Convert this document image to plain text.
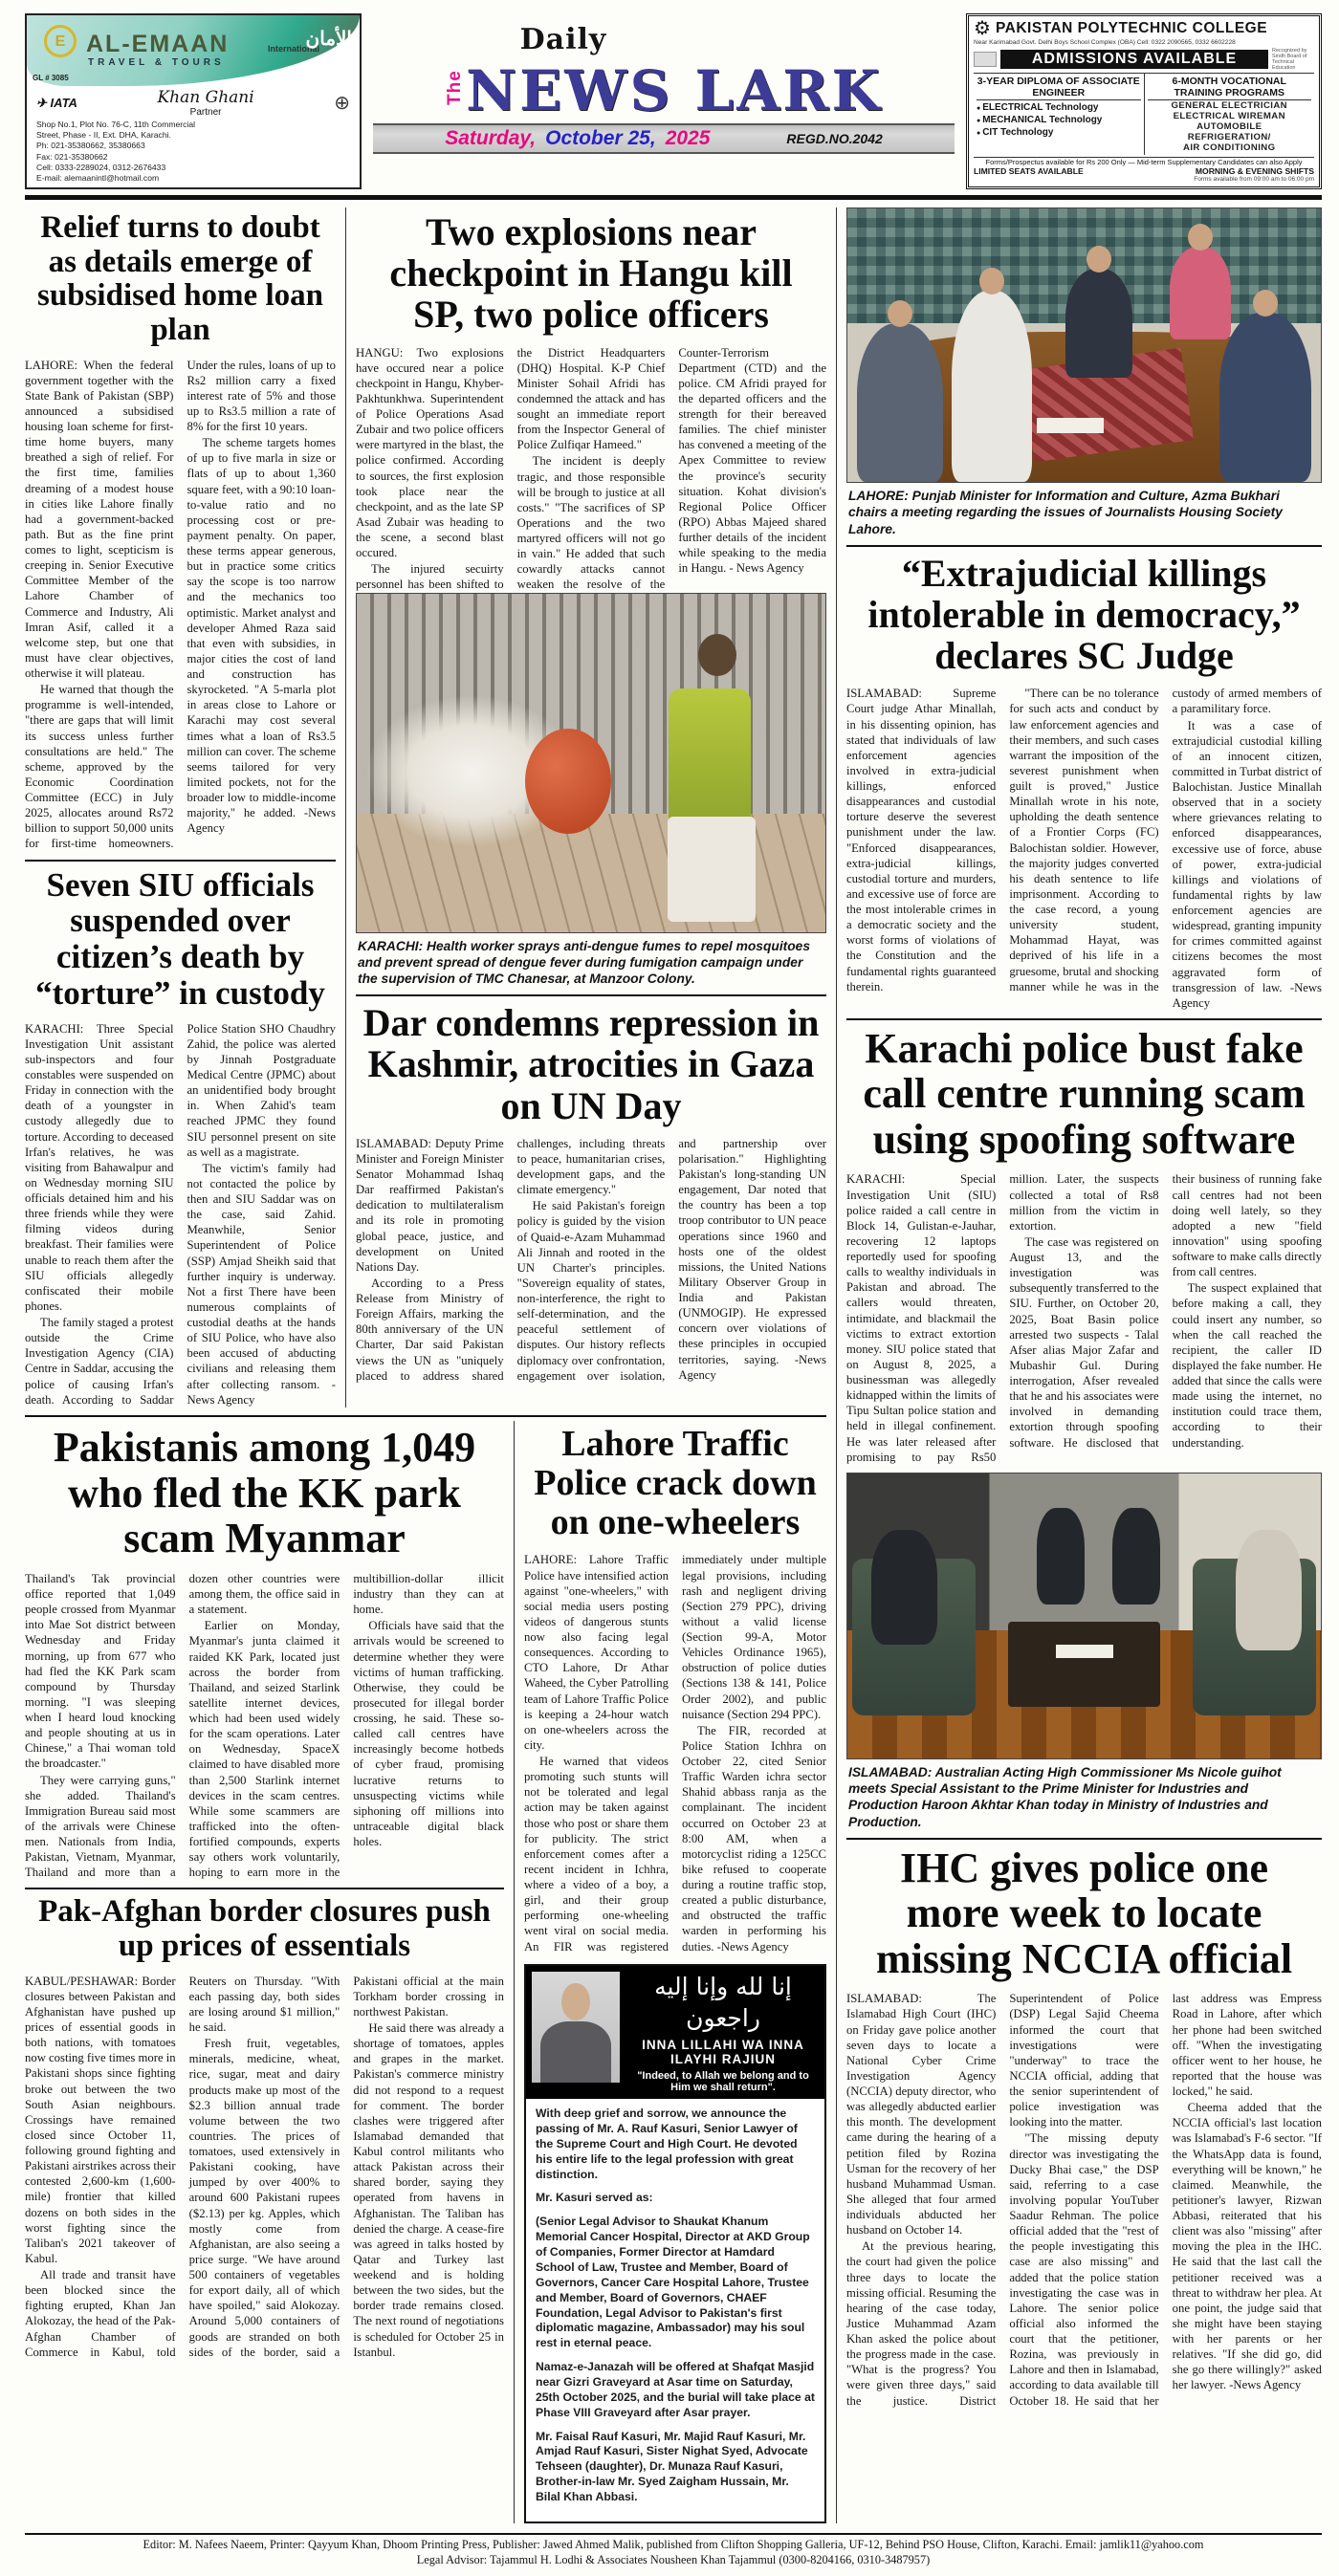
E AL-EMAAN	International
TRAVEL & TOURS
GL # 3085
الأمان
✈ IATA	Khan Ghani
Partner	⊕
Shop No.1, Plot No. 76-C, 11th Commercial
Street, Phase - II, Ext. DHA, Karachi.
Ph: 021-35380662, 35380663
Fax: 021-35380662
Cell: 0333-2289024, 0312-2676433
E-mail: alemaanintl@hotmail.com
Daily
The NEWS LARK
Saturday, October 25, 2025	REGD.NO.2042
⚙ PAKISTAN POLYTECHNIC COLLEGE
Near Karimabad Govt. Delhi Boys School Complex (OBA) Cell: 0322 2090565, 0332 6602228
ADMISSIONS AVAILABLE	Recognized by Sindh Board of Technical Education
3-YEAR DIPLOMA OF ASSOCIATE ENGINEER
● ELECTRICAL Technology
● MECHANICAL Technology
● CIT Technology
6-MONTH VOCATIONAL TRAINING PROGRAMS
GENERAL ELECTRICIAN
ELECTRICAL WIREMAN
AUTOMOBILE
REFRIGERATION/
AIR CONDITIONING
Forms/Prospectus available for Rs 200 Only — Mid-term Supplementary Candidates can also Apply
LIMITED SEATS AVAILABLE	MORNING & EVENING SHIFTS
Forms available from 09:00 am to 06:00 pm
Relief turns to doubt as details emerge of subsidised home loan plan

LAHORE: When the federal government together with the State Bank of Pakistan (SBP) announced a subsidised housing loan scheme for first-time home buyers, many breathed a sigh of relief. For the first time, families dreaming of a modest house in cities like Lahore finally had a government-backed path. But as the fine print comes to light, scepticism is creeping in. Senior Executive Committee Member of the Lahore Chamber of Commerce and Industry, Ali Imran Asif, called it a welcome step, but one that must have clear objectives, otherwise it will plateau.

He warned that though the programme is well-intended, "there are gaps that will limit its success unless further consultations are held." The scheme, approved by the Economic Coordination Committee (ECC) in July 2025, allocates around Rs72 billion to support 50,000 units for first-time homeowners. Under the rules, loans of up to Rs2 million carry a fixed interest rate of 5% and those up to Rs3.5 million a rate of 8% for the first 10 years.

The scheme targets homes of up to five marla in size or flats of up to about 1,360 square feet, with a 90:10 loan-to-value ratio and no processing cost or pre-payment penalty. On paper, these terms appear generous, but in practice some critics say the scope is too narrow and the mechanics too optimistic. Market analyst and developer Ahmed Raza said that even with subsidies, in major cities the cost of land and construction has skyrocketed. "A 5-marla plot in areas close to Lahore or Karachi may cost several times what a loan of Rs3.5 million can cover. The scheme seems tailored for very limited pockets, not for the broader low to middle-income majority," he added. -News Agency

Seven SIU officials suspended over citizen’s death by “torture” in custody

KARACHI: Three Special Investigation Unit assistant sub-inspectors and four constables were suspended on Friday in connection with the death of a youngster in custody allegedly due to torture. According to deceased Irfan's relatives, he was visiting from Bahawalpur and on Wednesday morning SIU officials detained him and his three friends while they were filming videos during breakfast. Their families were unable to reach them after the SIU officials allegedly confiscated their mobile phones.

The family staged a protest outside the Crime Investigation Agency (CIA) Centre in Saddar, accusing the police of causing Irfan's death. According to Saddar Police Station SHO Chaudhry Zahid, the police was alerted by Jinnah Postgraduate Medical Centre (JPMC) about an unidentified body brought in. When Zahid's team reached JPMC they found SIU personnel present on site as well as a magistrate.

The victim's family had not contacted the police by then and SIU Saddar was on the case, said Zahid. Meanwhile, Senior Superintendent of Police (SSP) Amjad Sheikh said that further inquiry is underway. Not a first There have been numerous complaints of custodial deaths at the hands of SIU Police, who have also been accused of abducting civilians and releasing them after collecting ransom. - News Agency

Two explosions near checkpoint in Hangu kill SP, two police officers

HANGU: Two explosions have occured near a police checkpoint in Hangu, Khyber-Pakhtunkhwa. Superintendent of Police Operations Asad Zubair and two police officers were martyred in the blast, the police confirmed. According to sources, the first explosion took place near the checkpoint, and as the late SP Asad Zubair was heading to the scene, a second blast occured.

The injured secuirty personnel has been shifted to the District Headquarters (DHQ) Hospital. K-P Chief Minister Sohail Afridi has condemned the attack and has sought an immediate report from the Inspector General of Police Zulfiqar Hameed."

The incident is deeply tragic, and those responsible will be brough to justice at all costs." "The sacrifices of SP Operations and the two martyred officers will not go in vain." He added that such cowardly attacks cannot weaken the resolve of the Counter-Terrorism Department (CTD) and the police. CM Afridi prayed for the departed officers and the strength for their bereaved families. The chief minister has convened a meeting of the Apex Committee to review the province's security situation. Kohat division's Regional Police Officer (RPO) Abbas Majeed shared further details of the incident while speaking to the media in Hangu. - News Agency

KARACHI: Health worker sprays anti-dengue fumes to repel mosquitoes and prevent spread of dengue fever during fumigation campaign under the supervision of TMC Chanesar, at Manzoor Colony.

Dar condemns repression in Kashmir, atrocities in Gaza on UN Day

ISLAMABAD: Deputy Prime Minister and Foreign Minister Senator Mohammad Ishaq Dar reaffirmed Pakistan's dedication to multilateralism and its role in promoting global peace, justice, and development on United Nations Day.

According to a Press Release from Ministry of Foreign Affairs, marking the 80th anniversary of the UN Charter, Dar said Pakistan views the UN as "uniquely placed to address shared challenges, including threats to peace, humanitarian crises, development gaps, and the climate emergency."

He said Pakistan's foreign policy is guided by the vision of Quaid-e-Azam Muhammad Ali Jinnah and rooted in the UN Charter's principles. "Sovereign equality of states, non-interference, the right to self-determination, and the peaceful settlement of disputes. Our history reflects diplomacy over confrontation, engagement over isolation, and partnership over polarisation." Highlighting Pakistan's long-standing UN engagement, Dar noted that the country has been a top troop contributor to UN peace operations since 1960 and hosts one of the oldest missions, the United Nations Military Observer Group in India and Pakistan (UNMOGIP). He expressed concern over violations of these principles in occupied territories, saying. -News Agency

Pakistanis among 1,049 who fled the KK park scam Myanmar

Thailand's Tak provincial office reported that 1,049 people crossed from Myanmar into Mae Sot district between Wednesday and Friday morning, up from 677 who had fled the KK Park scam compound by Thursday morning. "I was sleeping when I heard loud knocking and people shouting at us in Chinese," a Thai woman told the broadcaster."

They were carrying guns," she added. Thailand's Immigration Bureau said most of the arrivals were Chinese men. Nationals from India, Pakistan, Vietnam, Myanmar, Thailand and more than a dozen other countries were among them, the office said in a statement.

Earlier on Monday, Myanmar's junta claimed it raided KK Park, located just across the border from Thailand, and seized Starlink satellite internet devices, which had been used widely for the scam operations. Later on Wednesday, SpaceX claimed to have disabled more than 2,500 Starlink internet devices in the scam centres. While some scammers are trafficked into the often-fortified compounds, experts say others work voluntarily, hoping to earn more in the multibillion-dollar illicit industry than they can at home.

Officials have said that the arrivals would be screened to determine whether they were victims of human trafficking. Otherwise, they could be prosecuted for illegal border crossing, he said. These so-called call centres have increasingly become hotbeds of cyber fraud, promising lucrative returns to unsuspecting victims while siphoning off millions into untraceable digital black holes.

Pak-Afghan border closures push up prices of essentials

KABUL/PESHAWAR: Border closures between Pakistan and Afghanistan have pushed up prices of essential goods in both nations, with tomatoes now costing five times more in Pakistani shops since fighting broke out between the two South Asian neighbours. Crossings have remained closed since October 11, following ground fighting and Pakistani airstrikes across their contested 2,600-km (1,600-mile) frontier that killed dozens on both sides in the worst fighting since the Taliban's 2021 takeover of Kabul.

All trade and transit have been blocked since the fighting erupted, Khan Jan Alokozay, the head of the Pak-Afghan Chamber of Commerce in Kabul, told Reuters on Thursday. "With each passing day, both sides are losing around $1 million," he said.

Fresh fruit, vegetables, minerals, medicine, wheat, rice, sugar, meat and dairy products make up most of the $2.3 billion annual trade volume between the two countries. The prices of tomatoes, used extensively in Pakistani cooking, have jumped by over 400% to around 600 Pakistani rupees ($2.13) per kg. Apples, which mostly come from Afghanistan, are also seeing a price surge. "We have around 500 containers of vegetables for export daily, all of which have spoiled," said Alokozay. Around 5,000 containers of goods are stranded on both sides of the border, said a Pakistani official at the main Torkham border crossing in northwest Pakistan.

He said there was already a shortage of tomatoes, apples and grapes in the market. Pakistan's commerce ministry did not respond to a request for comment. The border clashes were triggered after Islamabad demanded that Kabul control militants who attack Pakistan across their shared border, saying they operated from havens in Afghanistan. The Taliban has denied the charge. A cease-fire was agreed in talks hosted by Qatar and Turkey last weekend and is holding between the two sides, but the border trade remains closed. The next round of negotiations is scheduled for October 25 in Istanbul.

Lahore Traffic Police crack down on one-wheelers

LAHORE: Lahore Traffic Police have intensified action against "one-wheelers," with social media users posting videos of dangerous stunts now also facing legal consequences. According to CTO Lahore, Dr Athar Waheed, the Cyber Patrolling team of Lahore Traffic Police is keeping a 24-hour watch on one-wheelers across the city.

He warned that videos promoting such stunts will not be tolerated and legal action may be taken against those who post or share them for publicity. The strict enforcement comes after a recent incident in Ichhra, where a video of a boy, a girl, and their group performing one-wheeling went viral on social media. An FIR was registered immediately under multiple legal provisions, including rash and negligent driving (Section 279 PPC), driving without a valid license (Section 99-A, Motor Vehicles Ordinance 1965), obstruction of police duties (Sections 138 & 141, Police Order 2002), and public nuisance (Section 294 PPC).

The FIR, recorded at Police Station Ichhra on October 22, cited Senior Traffic Warden ichra sector Shahid abbass ranja as the complainant. The incident occurred on October 23 at 8:00 AM, when a motorcyclist riding a 125CC bike refused to cooperate during a routine traffic stop, created a public disturbance, and obstructed the traffic warden in performing his duties. -News Agency

إنا لله وإنا إليه راجعون
INNA LILLAHI WA INNA ILAYHI RAJIUN
"Indeed, to Allah we belong and to Him we shall return".

With deep grief and sorrow, we announce the passing of Mr. A. Rauf Kasuri, Senior Lawyer of the Supreme Court and High Court. He devoted his entire life to the legal profession with great distinction.

Mr. Kasuri served as:

(Senior Legal Advisor to Shaukat Khanum Memorial Cancer Hospital, Director at AKD Group of Companies, Former Director at Hamdard School of Law, Trustee and Member, Board of Governors, Cancer Care Hospital Lahore, Trustee and Member, Board of Governors, CHAEF Foundation, Legal Advisor to Pakistan's first diplomatic magazine, Ambassador) may his soul rest in eternal peace.

Namaz-e-Janazah will be offered at Shafqat Masjid near Gizri Graveyard at Asar time on Saturday, 25th October 2025, and the burial will take place at Phase VIII Graveyard after Asar prayer.

Mr. Faisal Rauf Kasuri, Mr. Majid Rauf Kasuri, Mr. Amjad Rauf Kasuri, Sister Nighat Syed, Advocate Tehseen (daughter), Dr. Munaza Rauf Kasuri, Brother-in-law Mr. Syed Zaigham Hussain, Mr. Bilal Khan Abbasi.

LAHORE: Punjab Minister for Information and Culture, Azma Bukhari chairs a meeting regarding the issues of Journalists Housing Society Lahore.

“Extrajudicial killings intolerable in democracy,” declares SC Judge

ISLAMABAD: Supreme Court judge Athar Minallah, in his dissenting opinion, has stated that individuals of law enforcement agencies involved in extra-judicial killings, enforced disappearances and custodial torture deserve the severest punishment under the law. "Enforced disappearances, extra-judicial killings, custodial torture and murders, and excessive use of force are the most intolerable crimes in a democratic society and the worst forms of violations of the Constitution and the fundamental rights guaranteed therein.

"There can be no tolerance for such acts and conduct by law enforcement agencies and their members, and such cases warrant the imposition of the severest punishment when guilt is proved," Justice Minallah wrote in his note, upholding the death sentence of a Frontier Corps (FC) Balochistan soldier. However, the majority judges converted his death sentence to life imprisonment. According to the case record, a young university student, Mohammad Hayat, was deprived of his life in a gruesome, brutal and shocking manner while he was in the custody of armed members of a paramilitary force.

It was a case of extrajudicial custodial killing of an innocent citizen, committed in Turbat district of Balochistan. Justice Minallah observed that in a society where grievances relating to enforced disappearances, excessive use of force, abuse of power, extra-judicial killings and violations of fundamental rights by law enforcement agencies are widespread, granting impunity for crimes committed against citizens becomes the most aggravated form of transgression of law. -News Agency

Karachi police bust fake call centre running scam using spoofing software

KARACHI: Special Investigation Unit (SIU) police raided a call centre in Block 14, Gulistan-e-Jauhar, recovering 12 laptops reportedly used for spoofing calls to wealthy individuals in Pakistan and abroad. The callers would threaten, intimidate, and blackmail the victims to extract extortion money. SIU police stated that on August 8, 2025, a businessman was allegedly kidnapped within the limits of Tipu Sultan police station and held in illegal confinement. He was later released after promising to pay Rs50 million. Later, the suspects collected a total of Rs8 million from the victim in extortion.

The case was registered on August 13, and the investigation was subsequently transferred to the SIU. Further, on October 20, 2025, Boat Basin police arrested two suspects - Talal Afser alias Major Zafar and Mubashir Gul. During interrogation, Afser revealed that he and his associates were involved in demanding extortion through spoofing software. He disclosed that their business of running fake call centres had not been doing well lately, so they adopted a new "field innovation" using spoofing software to make calls directly from call centres.

The suspect explained that before making a call, they could insert any number, so when the call reached the recipient, the caller ID displayed the fake number. He added that since the calls were made using the internet, no institution could trace them, according to their understanding.

ISLAMABAD: Australian Acting High Commissioner Ms Nicole guihot meets Special Assistant to the Prime Minister for Industries and Production Haroon Akhtar Khan today in Ministry of Industries and Production.

IHC gives police one more week to locate missing NCCIA official

ISLAMABAD: The Islamabad High Court (IHC) on Friday gave police another seven days to locate a National Cyber Crime Investigation Agency (NCCIA) deputy director, who was allegedly abducted earlier this month. The development came during the hearing of a petition filed by Rozina Usman for the recovery of her husband Muhammad Usman. She alleged that four armed individuals abducted her husband on October 14.

At the previous hearing, the court had given the police three days to locate the missing official. Resuming the hearing of the case today, Justice Muhammad Azam Khan asked the police about the progress made in the case. "What is the progress? You were given three days," said the justice. District Superintendent of Police (DSP) Legal Sajid Cheema informed the court that investigations were "underway" to trace the NCCIA official, adding that the senior superintendent of police investigation was looking into the matter.

"The missing deputy director was investigating the Ducky Bhai case," the DSP said, referring to a case involving popular YouTuber Saadur Rehman. The police official added that the "rest of the people investigating this case are also missing" and added that the police station investigating the case was in Lahore. The senior police official also informed the court that the petitioner, Rozina, was previously in Lahore and then in Islamabad, according to data available till October 18. He said that her last address was Empress Road in Lahore, after which her phone had been switched off. "When the investigating officer went to her house, he reported that the house was locked," he said.

Cheema added that the NCCIA official's last location was Islamabad's F-6 sector. "If the WhatsApp data is found, everything will be known," he claimed. Meanwhile, the petitioner's lawyer, Rizwan Abbasi, reiterated that his client was also "missing" after moving the plea in the IHC. He said that the last call the petitioner received was a threat to withdraw her plea. At one point, the judge said that she might have been staying with her parents or her relatives. "If she did go, did she go there willingly?" asked her lawyer. -News Agency

Editor: M. Nafees Naeem, Printer: Qayyum Khan, Dhoom Printing Press, Publisher: Jawed Ahmed Malik, published from Clifton Shopping Galleria, UF-12, Behind PSO House, Clifton, Karachi. Email: jamlik11@yahoo.com
Legal Advisor: Tajammul H. Lodhi & Associates Nousheen Khan Tajammul (0300-8204166, 0310-3487957)
